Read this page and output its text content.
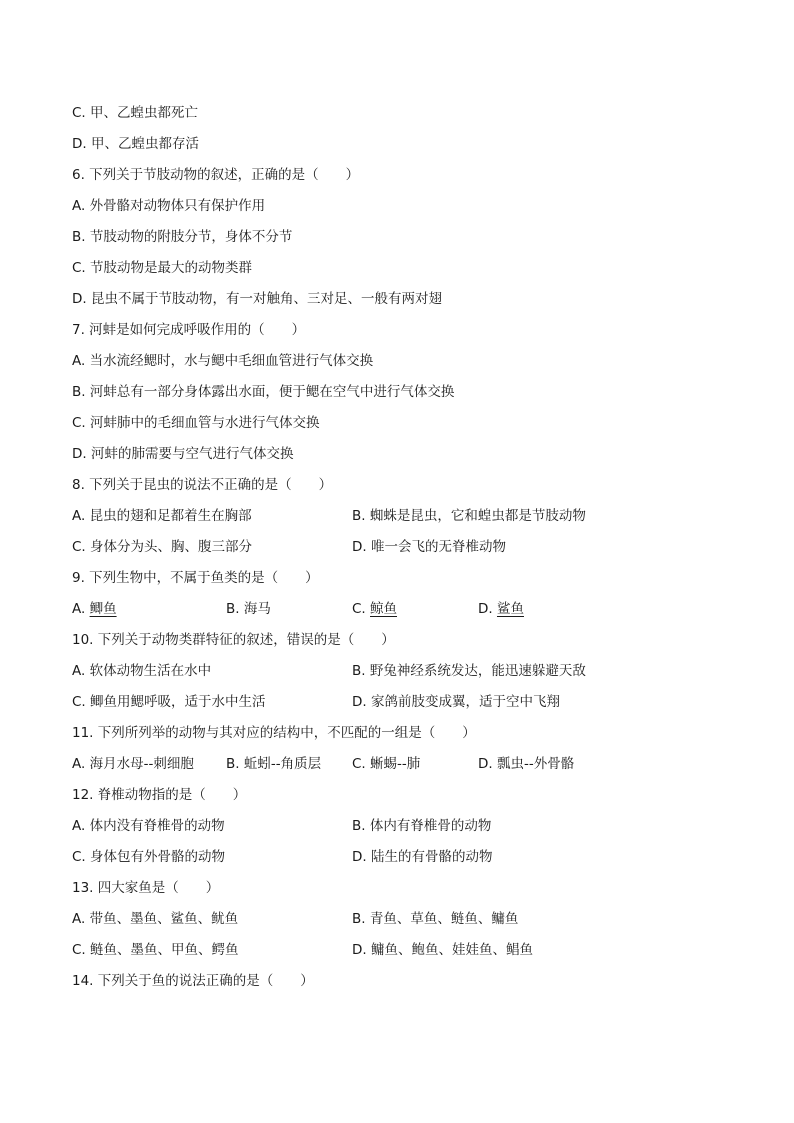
C. 甲、乙蝗虫都死亡
D. 甲、乙蝗虫都存活
6. 下列关于节肢动物的叙述，正确的是（　　）
A. 外骨骼对动物体只有保护作用
B. 节肢动物的附肢分节，身体不分节
C. 节肢动物是最大的动物类群
D. 昆虫不属于节肢动物，有一对触角、三对足、一般有两对翅
7. 河蚌是如何完成呼吸作用的（　　）
A. 当水流经鳃时，水与鳃中毛细血管进行气体交换
B. 河蚌总有一部分身体露出水面，便于鳃在空气中进行气体交换
C. 河蚌肺中的毛细血管与水进行气体交换
D. 河蚌的肺需要与空气进行气体交换
8. 下列关于昆虫的说法不正确的是（　　）
A. 昆虫的翅和足都着生在胸部	B. 蜘蛛是昆虫，它和蝗虫都是节肢动物
C. 身体分为头、胸、腹三部分	D. 唯一会飞的无脊椎动物
9. 下列生物中，不属于鱼类的是（　　）
A. 鲫鱼	B. 海马	C. 鲸鱼	D. 鲨鱼
10. 下列关于动物类群特征的叙述，错误的是（　　）
A. 软体动物生活在水中	B. 野兔神经系统发达，能迅速躲避天敌
C. 鲫鱼用鳃呼吸，适于水中生活	D. 家鸽前肢变成翼，适于空中飞翔
11. 下列所列举的动物与其对应的结构中，不匹配的一组是（　　）
A. 海月水母--刺细胞 B. 蚯蚓--角质层 C. 蜥蜴--肺	D. 瓢虫--外骨骼
12. 脊椎动物指的是（　　）
A. 体内没有脊椎骨的动物	B. 体内有脊椎骨的动物
C. 身体包有外骨骼的动物	D. 陆生的有骨骼的动物
13. 四大家鱼是（　　）
A. 带鱼、墨鱼、鲨鱼、鱿鱼	B. 青鱼、草鱼、鲢鱼、鳙鱼
C. 鲢鱼、墨鱼、甲鱼、鳄鱼	D. 鳙鱼、鲍鱼、娃娃鱼、鲳鱼
14. 下列关于鱼的说法正确的是（　　）
